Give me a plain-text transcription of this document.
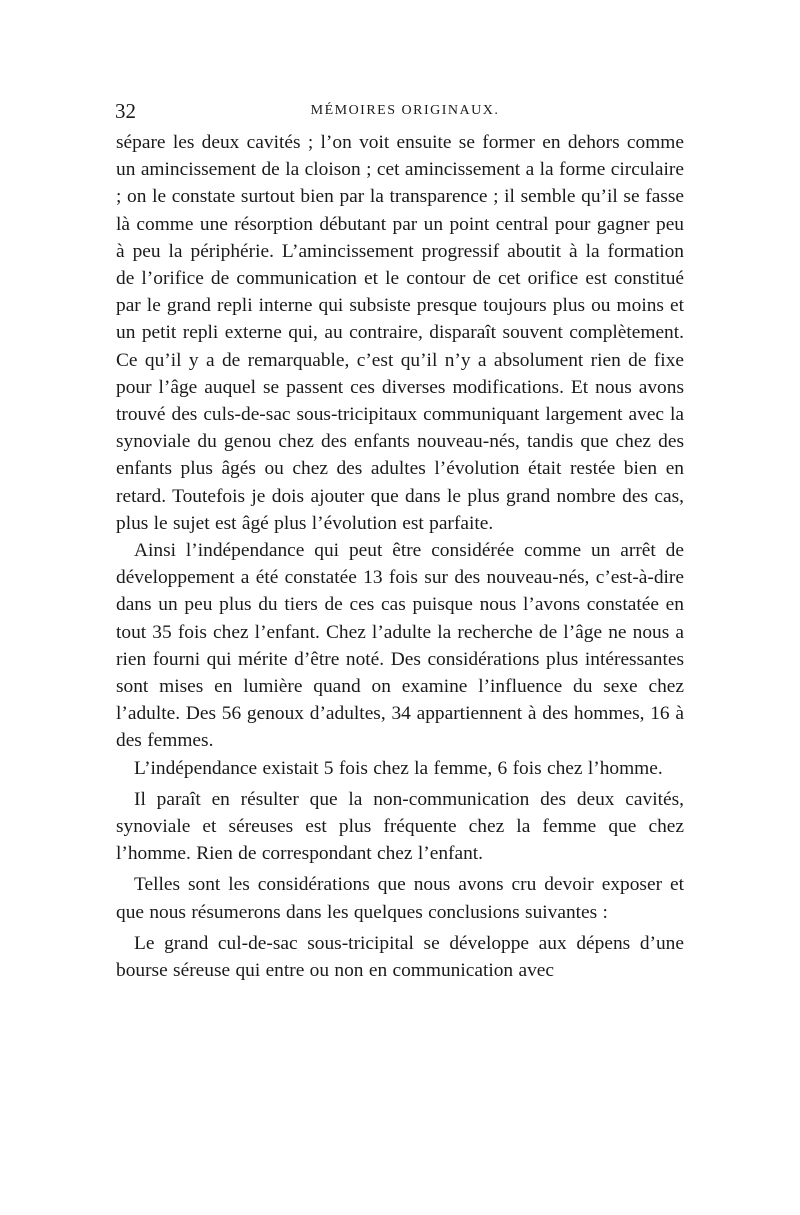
32	MÉMOIRES ORIGINAUX.

sépare les deux cavités ; l’on voit ensuite se former en dehors comme un amincissement de la cloison ; cet amincissement a la forme circulaire ; on le constate surtout bien par la transparence ; il semble qu’il se fasse là comme une résorption débutant par un point central pour gagner peu à peu la périphérie. L’amincissement progressif aboutit à la formation de l’orifice de communication et le contour de cet orifice est constitué par le grand repli interne qui subsiste presque toujours plus ou moins et un petit repli externe qui, au contraire, disparaît souvent complètement. Ce qu’il y a de remarquable, c’est qu’il n’y a absolument rien de fixe pour l’âge auquel se passent ces diverses modifications. Et nous avons trouvé des culs-de-sac sous-tricipitaux communiquant largement avec la synoviale du genou chez des enfants nouveau-nés, tandis que chez des enfants plus âgés ou chez des adultes l’évolution était restée bien en retard. Toutefois je dois ajouter que dans le plus grand nombre des cas, plus le sujet est âgé plus l’évolution est parfaite.

Ainsi l’indépendance qui peut être considérée comme un arrêt de développement a été constatée 13 fois sur des nouveau-nés, c’est-à-dire dans un peu plus du tiers de ces cas puisque nous l’avons constatée en tout 35 fois chez l’enfant. Chez l’adulte la recherche de l’âge ne nous a rien fourni qui mérite d’être noté. Des considérations plus intéressantes sont mises en lumière quand on examine l’influence du sexe chez l’adulte. Des 56 genoux d’adultes, 34 appartiennent à des hommes, 16 à des femmes.

L’indépendance existait 5 fois chez la femme, 6 fois chez l’homme.

Il paraît en résulter que la non-communication des deux cavités, synoviale et séreuses est plus fréquente chez la femme que chez l’homme. Rien de correspondant chez l’enfant.

Telles sont les considérations que nous avons cru devoir exposer et que nous résumerons dans les quelques conclusions suivantes :

Le grand cul-de-sac sous-tricipital se développe aux dépens d’une bourse séreuse qui entre ou non en communication avec
